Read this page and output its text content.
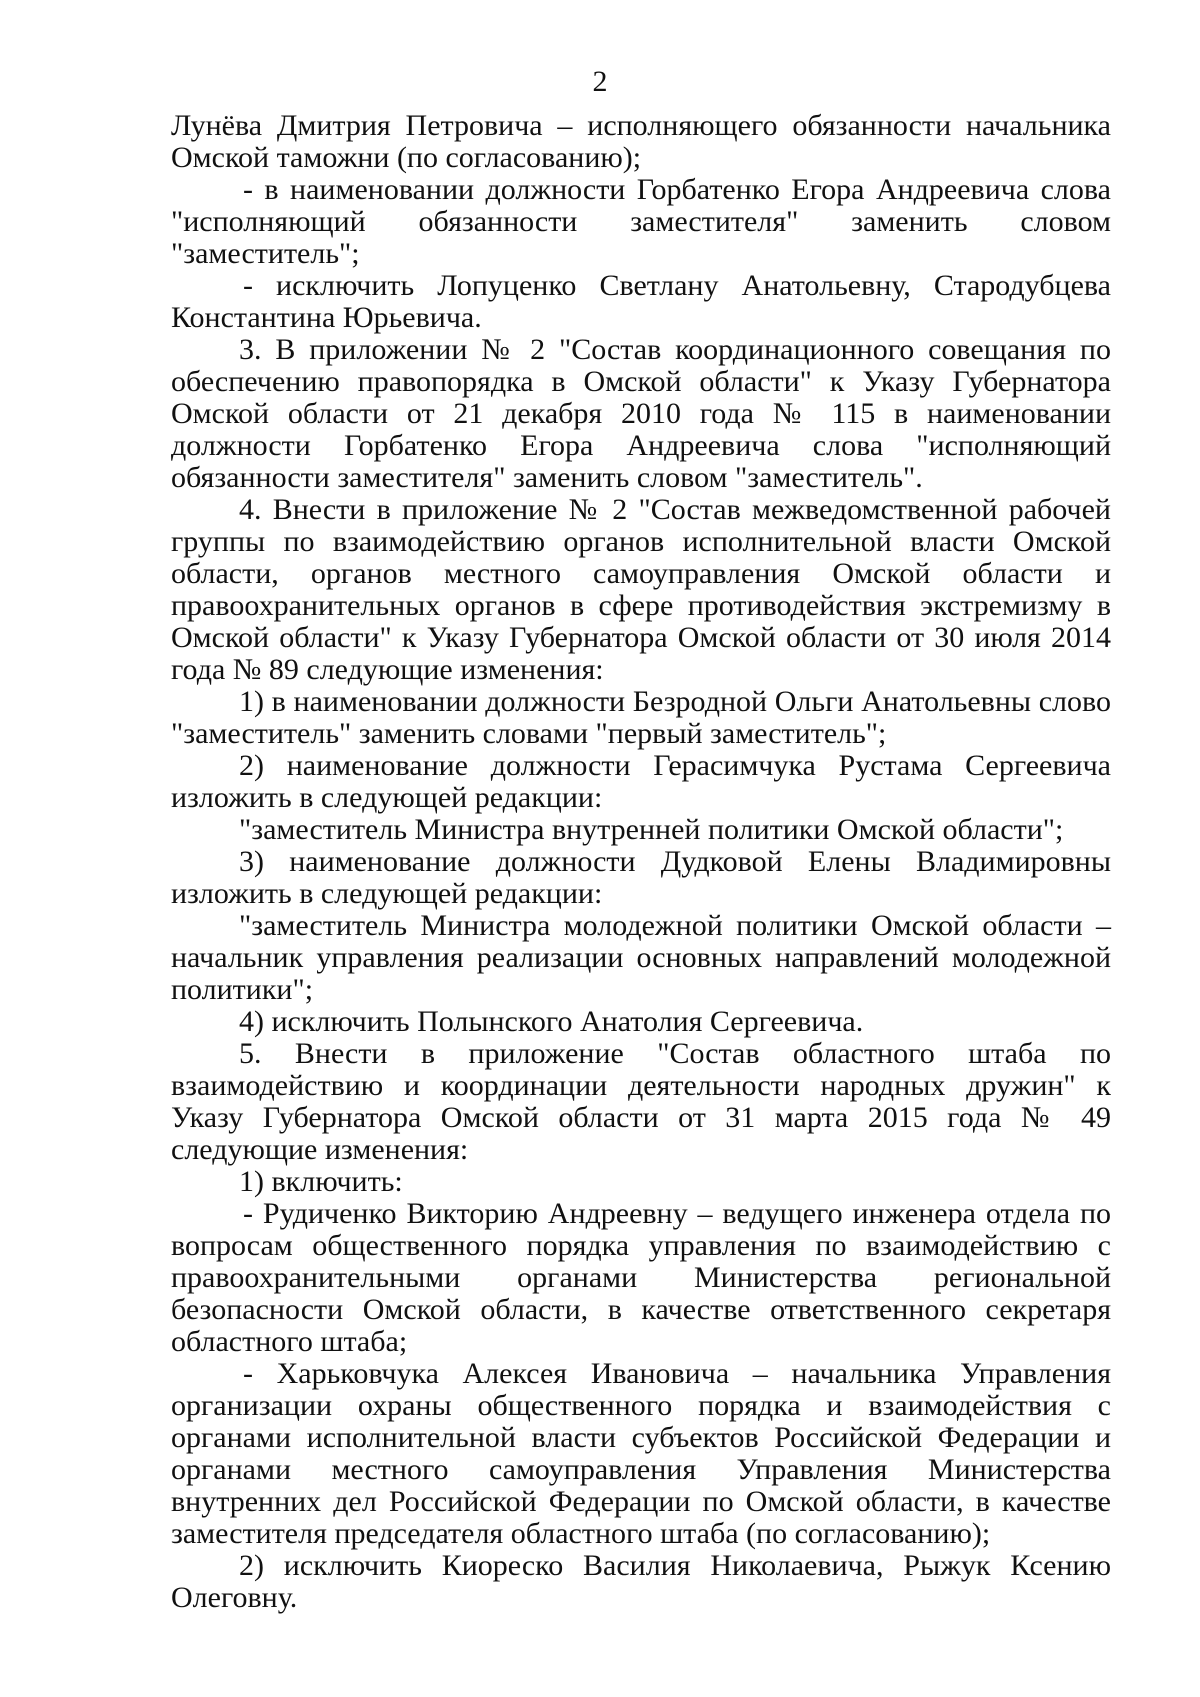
2

Лунёва Дмитрия Петровича – исполняющего обязанности начальника Омской таможни (по согласованию);

- в наименовании должности Горбатенко Егора Андреевича слова "исполняющий обязанности заместителя" заменить словом "заместитель";

- исключить Лопуценко Светлану Анатольевну, Стародубцева Константина Юрьевича.

3. В приложении № 2 "Состав координационного совещания по обеспечению правопорядка в Омской области" к Указу Губернатора Омской области от 21 декабря 2010 года № 115 в наименовании должности Горбатенко Егора Андреевича слова "исполняющий обязанности заместителя" заменить словом "заместитель".

4. Внести в приложение № 2 "Состав межведомственной рабочей группы по взаимодействию органов исполнительной власти Омской области, органов местного самоуправления Омской области и правоохранительных органов в сфере противодействия экстремизму в Омской области" к Указу Губернатора Омской области от 30 июля 2014 года № 89 следующие изменения:

1) в наименовании должности Безродной Ольги Анатольевны слово "заместитель" заменить словами "первый заместитель";

2) наименование должности Герасимчука Рустама Сергеевича изложить в следующей редакции:

"заместитель Министра внутренней политики Омской области";

3) наименование должности Дудковой Елены Владимировны изложить в следующей редакции:

"заместитель Министра молодежной политики Омской области – начальник управления реализации основных направлений молодежной политики";

4) исключить Полынского Анатолия Сергеевича.

5. Внести в приложение "Состав областного штаба по взаимодействию и координации деятельности народных дружин" к Указу Губернатора Омской области от 31 марта 2015 года № 49 следующие изменения:

1) включить:

- Рудиченко Викторию Андреевну – ведущего инженера отдела по вопросам общественного порядка управления по взаимодействию с правоохранительными органами Министерства региональной безопасности Омской области, в качестве ответственного секретаря областного штаба;

- Харьковчука Алексея Ивановича – начальника Управления организации охраны общественного порядка и взаимодействия с органами исполнительной власти субъектов Российской Федерации и органами местного самоуправления Управления Министерства внутренних дел Российской Федерации по Омской области, в качестве заместителя председателя областного штаба (по согласованию);

2) исключить Киореско Василия Николаевича, Рыжук Ксению Олеговну.
